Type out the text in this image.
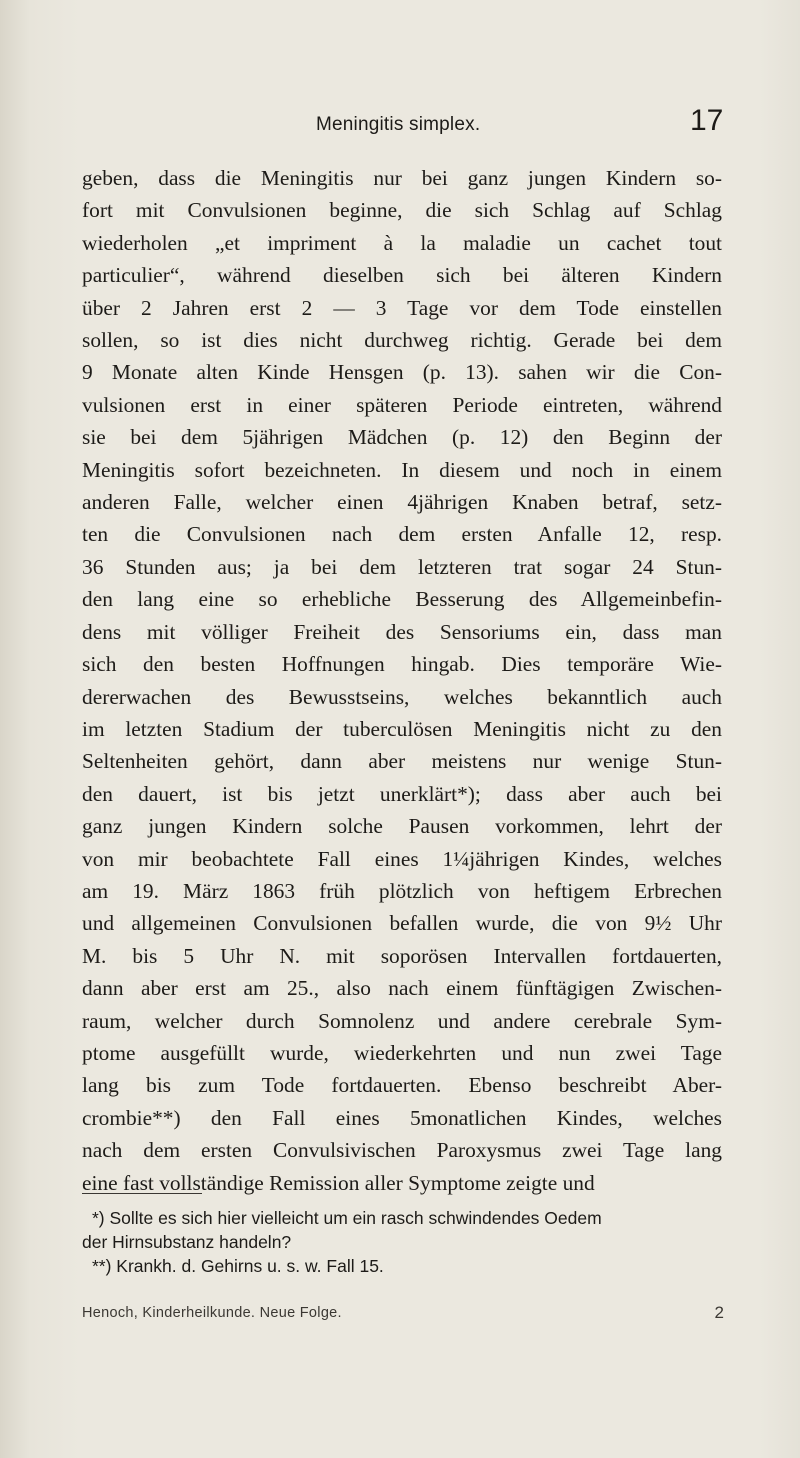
Meningitis simplex.	17
geben, dass die Meningitis nur bei ganz jungen Kindern so-
fort mit Convulsionen beginne, die sich Schlag auf Schlag
wiederholen „et impriment à la maladie un cachet tout
particulier“, während dieselben sich bei älteren Kindern
über 2 Jahren erst 2 — 3 Tage vor dem Tode einstellen
sollen, so ist dies nicht durchweg richtig. Gerade bei dem
9 Monate alten Kinde Hensgen (p. 13). sahen wir die Con-
vulsionen erst in einer späteren Periode eintreten, während
sie bei dem 5jährigen Mädchen (p. 12) den Beginn der
Meningitis sofort bezeichneten. In diesem und noch in einem
anderen Falle, welcher einen 4jährigen Knaben betraf, setz-
ten die Convulsionen nach dem ersten Anfalle 12, resp.
36 Stunden aus; ja bei dem letzteren trat sogar 24 Stun-
den lang eine so erhebliche Besserung des Allgemeinbefin-
dens mit völliger Freiheit des Sensoriums ein, dass man
sich den besten Hoffnungen hingab. Dies temporäre Wie-
dererwachen des Bewusstseins, welches bekanntlich auch
im letzten Stadium der tuberculösen Meningitis nicht zu den
Seltenheiten gehört, dann aber meistens nur wenige Stun-
den dauert, ist bis jetzt unerklärt*); dass aber auch bei
ganz jungen Kindern solche Pausen vorkommen, lehrt der
von mir beobachtete Fall eines 1¼jährigen Kindes, welches
am 19. März 1863 früh plötzlich von heftigem Erbrechen
und allgemeinen Convulsionen befallen wurde, die von 9½ Uhr
M. bis 5 Uhr N. mit soporösen Intervallen fortdauerten,
dann aber erst am 25., also nach einem fünftägigen Zwischen-
raum, welcher durch Somnolenz und andere cerebrale Sym-
ptome ausgefüllt wurde, wiederkehrten und nun zwei Tage
lang bis zum Tode fortdauerten. Ebenso beschreibt Aber-
crombie**) den Fall eines 5monatlichen Kindes, welches
nach dem ersten Convulsivischen Paroxysmus zwei Tage lang
eine fast vollständige Remission aller Symptome zeigte und
*) Sollte es sich hier vielleicht um ein rasch schwindendes Oedem
der Hirnsubstanz handeln?
**) Krankh. d. Gehirns u. s. w. Fall 15.
Henoch, Kinderheilkunde. Neue Folge.	2
